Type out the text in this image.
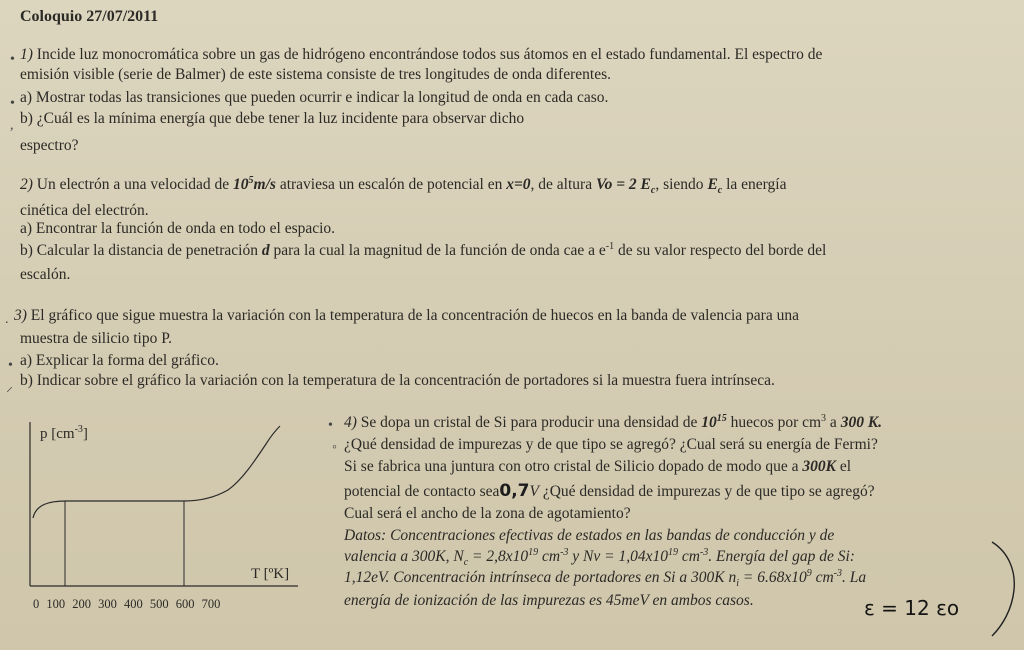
Coloquio 27/07/2011
• 1) Incide luz monocromática sobre un gas de hidrógeno encontrándose todos sus átomos en el estado fundamental. El espectro de
emisión visible (serie de Balmer) de este sistema consiste de tres longitudes de onda diferentes.
• a) Mostrar todas las transiciones que pueden ocurrir e indicar la longitud de onda en cada caso.
, b) ¿Cuál es la mínima energía que debe tener la luz incidente para observar dicho
espectro?
2) Un electrón a una velocidad de $10^5m/s$ atraviesa un escalón de potencial en x=0, de altura Vo = 2 $E_c$, siendo $E_c$ la energía
cinética del electrón.
a) Encontrar la función de onda en todo el espacio.
b) Calcular la distancia de penetración d para la cual la magnitud de la función de onda cae a $e^{-1}$ de su valor respecto del borde del
escalón.
. 3) El gráfico que sigue muestra la variación con la temperatura de la concentración de huecos en la banda de valencia para una
muestra de silicio tipo P.
• a) Explicar la forma del gráfico.
⸝ b) Indicar sobre el gráfico la variación con la temperatura de la concentración de portadores si la muestra fuera intrínseca.
p $[cm^{-3}]$
T [ºK]
0 100 200 300 400 500 600 700
• 4) Se dopa un cristal de Si para producir una densidad de $10^{15}$ huecos por $cm^3$ a 300 K.
◦ ¿Qué densidad de impurezas y de que tipo se agregó? ¿Cual será su energía de Fermi?
Si se fabrica una juntura con otro cristal de Silicio dopado de modo que a 300K el
potencial de contacto sea0,7V ¿Qué densidad de impurezas y de que tipo se agregó?
Cual será el ancho de la zona de agotamiento?
Datos: Concentraciones efectivas de estados en las bandas de conducción y de
valencia a 300K, $N_c = 2,8x10^{19}$ $cm^{-3}$ y $Nv = 1,04x10^{19}$ $cm^{-3}$. Energía del gap de Si:
1,12eV. Concentración intrínseca de portadores en Si a 300K $n_i = 6.68x10^9$ $cm^{-3}$. La
energía de ionización de las impurezas es 45meV en ambos casos.	ε = 12 εo
